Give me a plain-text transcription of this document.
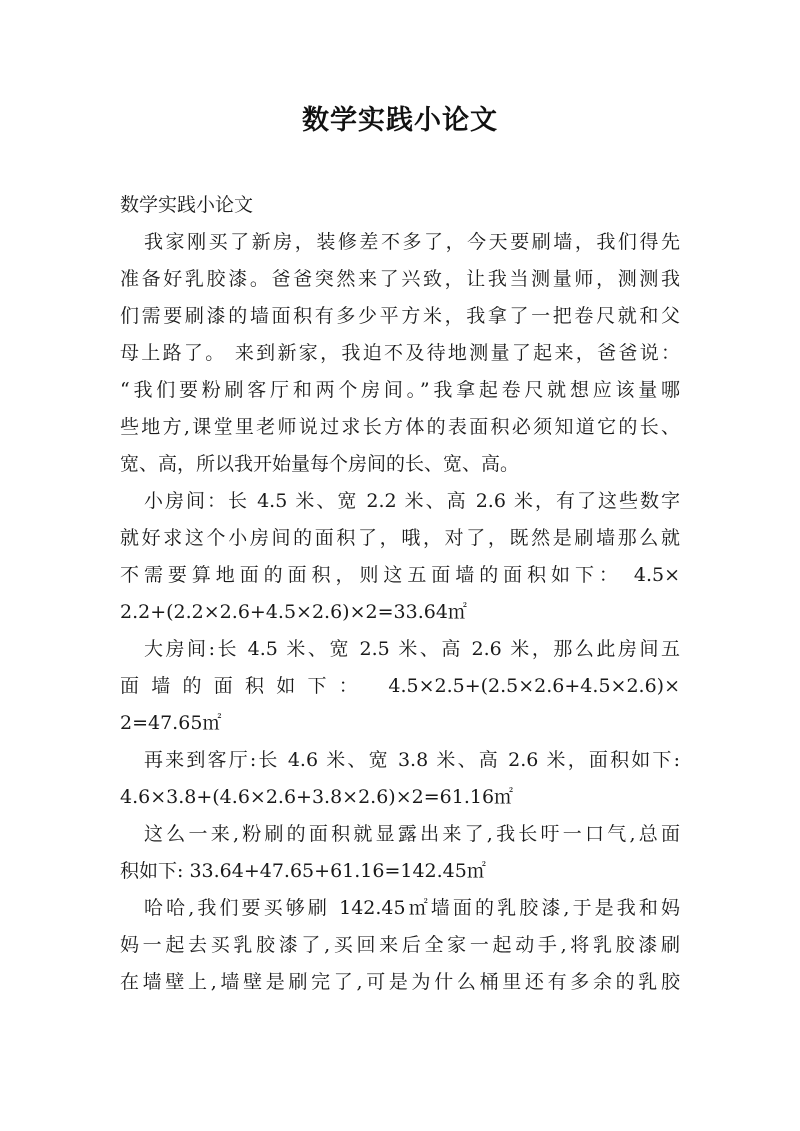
数学实践小论文
数学实践小论文
我家刚买了新房，装修差不多了，今天要刷墙，我们得先
准备好乳胶漆。爸爸突然来了兴致，让我当测量师，测测我
们需要刷漆的墙面积有多少平方米，我拿了一把卷尺就和父
母上路了。 来到新家，我迫不及待地测量了起来，爸爸说：
“我们要粉刷客厅和两个房间。”我拿起卷尺就想应该量哪
些地方,课堂里老师说过求长方体的表面积必须知道它的长、
宽、高，所以我开始量每个房间的长、宽、高。
小房间：长 4.5 米、宽 2.2 米、高 2.6 米，有了这些数字
就好求这个小房间的面积了，哦，对了，既然是刷墙那么就
不需要算地面的面积，则这五面墙的面积如下： 4.5×
2.2+(2.2×2.6+4.5×2.6)×2=33.64㎡
大房间:长 4.5 米、宽 2.5 米、高 2.6 米，那么此房间五
面墙的面积如下： 4.5×2.5+(2.5×2.6+4.5×2.6)×
2=47.65㎡
再来到客厅:长 4.6 米、宽 3.8 米、高 2.6 米，面积如下:
4.6×3.8+(4.6×2.6+3.8×2.6)×2=61.16㎡
这么一来,粉刷的面积就显露出来了,我长吁一口气,总面
积如下: 33.64+47.65+61.16=142.45㎡
哈哈,我们要买够刷 142.45㎡墙面的乳胶漆,于是我和妈
妈一起去买乳胶漆了,买回来后全家一起动手,将乳胶漆刷
在墙壁上,墙壁是刷完了,可是为什么桶里还有多余的乳胶
